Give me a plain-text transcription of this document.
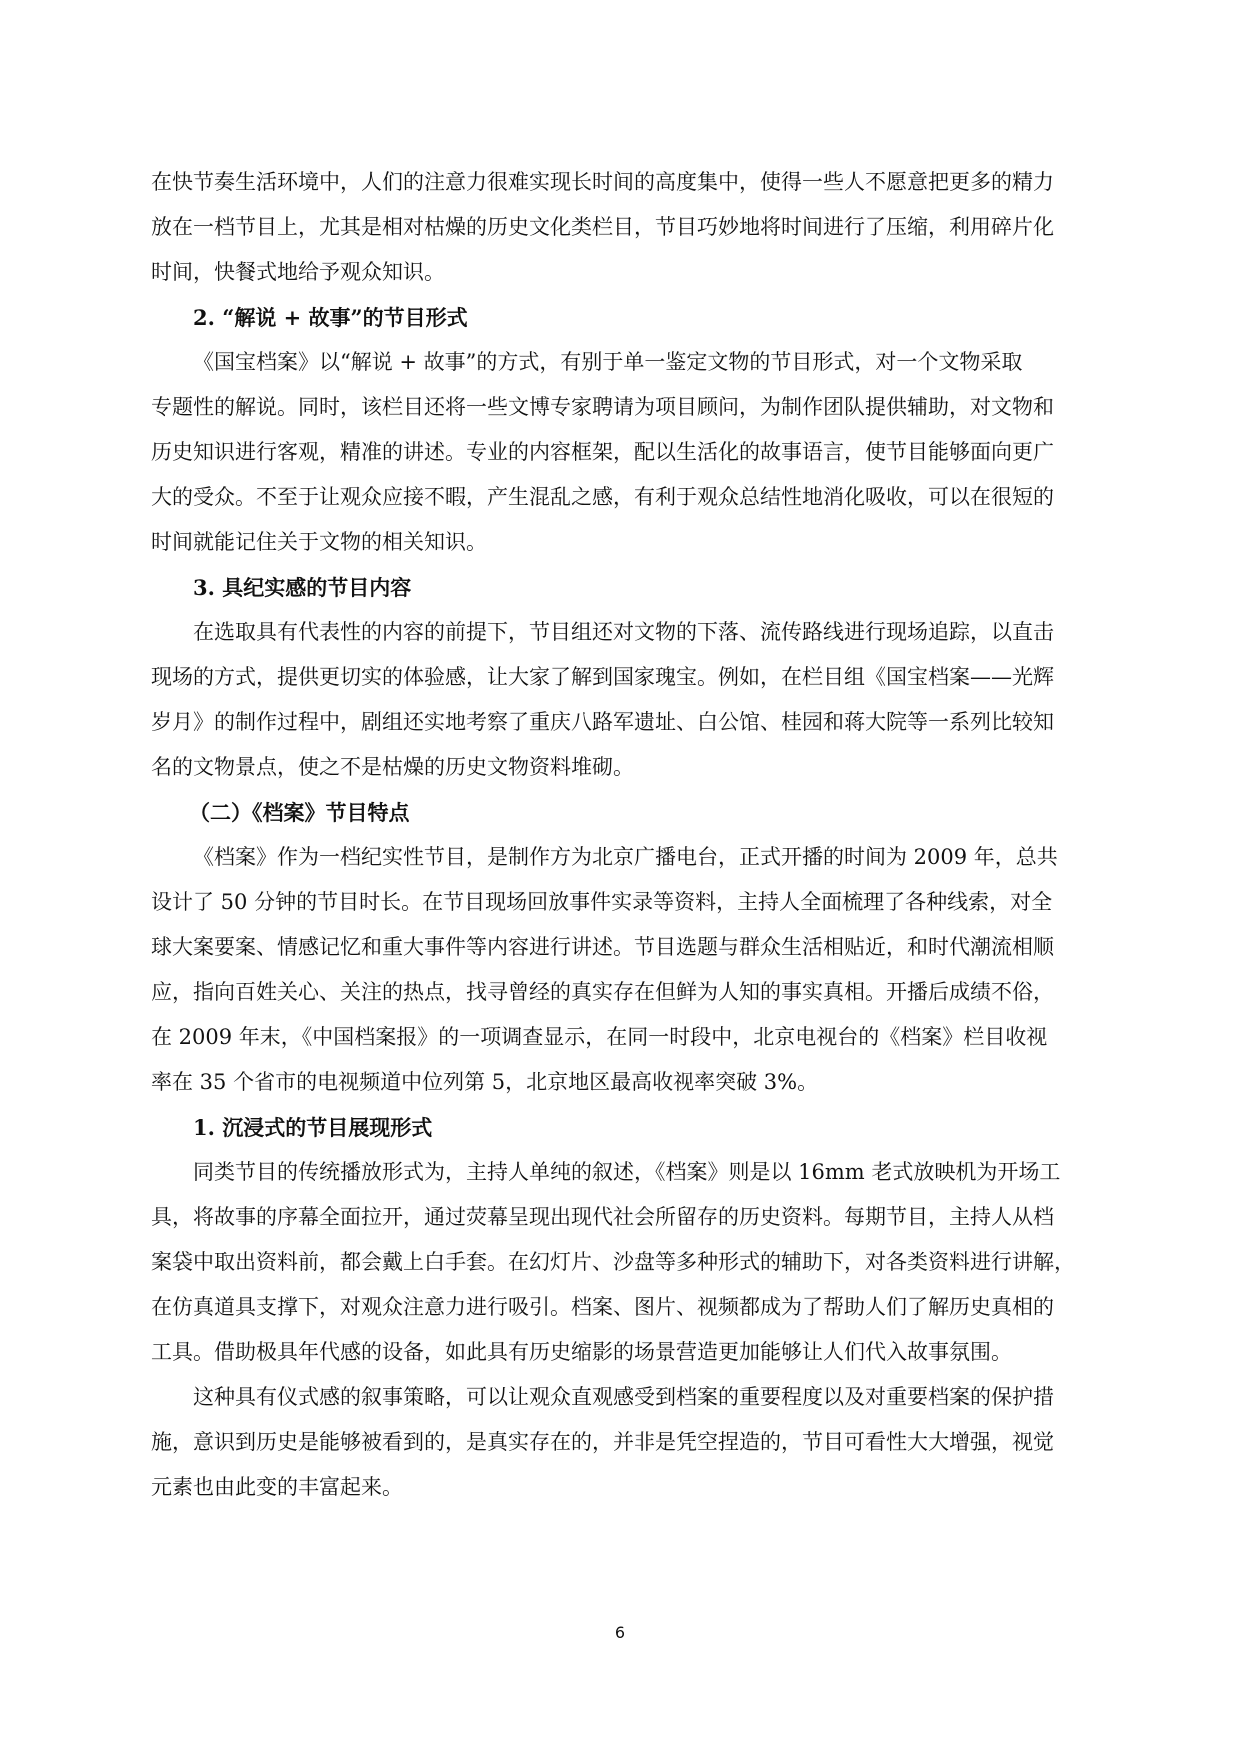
在快节奏生活环境中，人们的注意力很难实现长时间的高度集中，使得一些人不愿意把更多的精力
放在一档节目上，尤其是相对枯燥的历史文化类栏目，节目巧妙地将时间进行了压缩，利用碎片化
时间，快餐式地给予观众知识。
2. “解说 + 故事”的节目形式
《国宝档案》以“解说 + 故事”的方式，有别于单一鉴定文物的节目形式，对一个文物采取
专题性的解说。同时，该栏目还将一些文博专家聘请为项目顾问，为制作团队提供辅助，对文物和
历史知识进行客观，精准的讲述。专业的内容框架，配以生活化的故事语言，使节目能够面向更广
大的受众。不至于让观众应接不暇，产生混乱之感，有利于观众总结性地消化吸收，可以在很短的
时间就能记住关于文物的相关知识。
3. 具纪实感的节目内容
在选取具有代表性的内容的前提下，节目组还对文物的下落、流传路线进行现场追踪，以直击
现场的方式，提供更切实的体验感，让大家了解到国家瑰宝。例如，在栏目组《国宝档案——光辉
岁月》的制作过程中，剧组还实地考察了重庆八路军遗址、白公馆、桂园和蒋大院等一系列比较知
名的文物景点，使之不是枯燥的历史文物资料堆砌。
（二）《档案》节目特点
《档案》作为一档纪实性节目，是制作方为北京广播电台，正式开播的时间为 2009 年，总共
设计了 50 分钟的节目时长。在节目现场回放事件实录等资料，主持人全面梳理了各种线索，对全
球大案要案、情感记忆和重大事件等内容进行讲述。节目选题与群众生活相贴近，和时代潮流相顺
应，指向百姓关心、关注的热点，找寻曾经的真实存在但鲜为人知的事实真相。开播后成绩不俗，
在 2009 年末，《中国档案报》的一项调查显示，在同一时段中，北京电视台的《档案》栏目收视
率在 35 个省市的电视频道中位列第 5，北京地区最高收视率突破 3%。
1. 沉浸式的节目展现形式
同类节目的传统播放形式为，主持人单纯的叙述，《档案》则是以 16mm 老式放映机为开场工
具，将故事的序幕全面拉开，通过荧幕呈现出现代社会所留存的历史资料。每期节目，主持人从档
案袋中取出资料前，都会戴上白手套。在幻灯片、沙盘等多种形式的辅助下，对各类资料进行讲解，
在仿真道具支撑下，对观众注意力进行吸引。档案、图片、视频都成为了帮助人们了解历史真相的
工具。借助极具年代感的设备，如此具有历史缩影的场景营造更加能够让人们代入故事氛围。
这种具有仪式感的叙事策略，可以让观众直观感受到档案的重要程度以及对重要档案的保护措
施，意识到历史是能够被看到的，是真实存在的，并非是凭空捏造的，节目可看性大大增强，视觉
元素也由此变的丰富起来。
6
